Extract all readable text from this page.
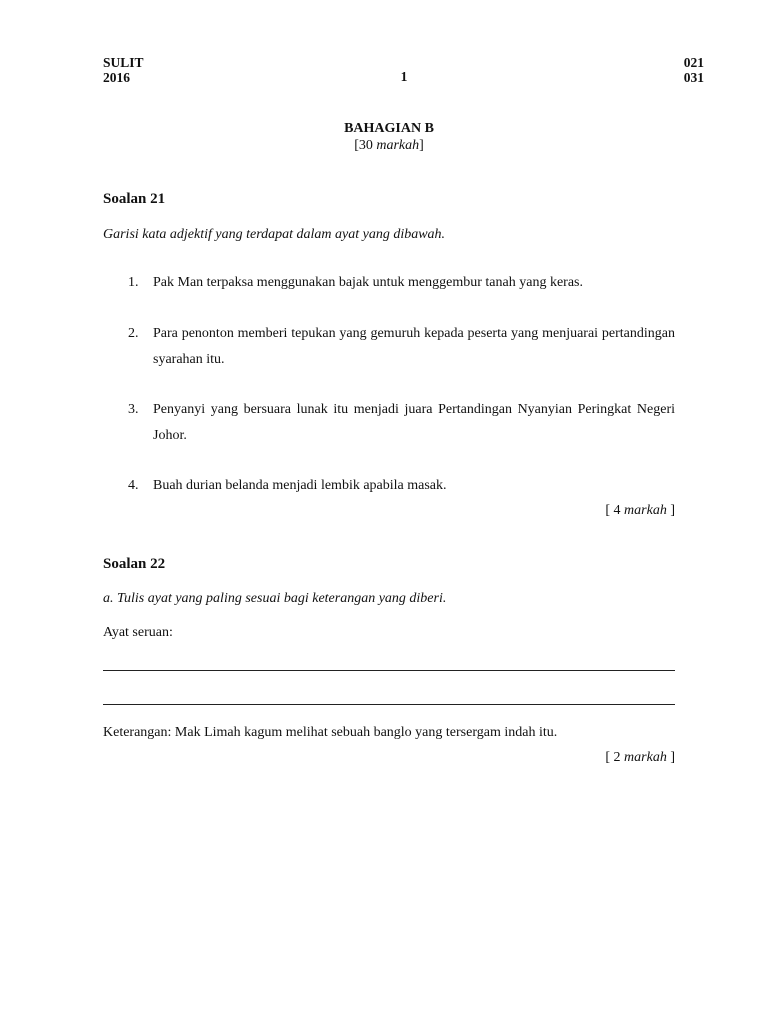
SULIT
2016	1
021
031
BAHAGIAN B
[30 markah]
Soalan 21
Garisi kata adjektif yang terdapat dalam ayat yang dibawah.
1. Pak Man terpaksa menggunakan bajak untuk menggembur tanah yang keras.
2. Para penonton memberi tepukan yang gemuruh kepada peserta yang menjuarai pertandingan syarahan itu.
3. Penyanyi yang bersuara lunak itu menjadi juara Pertandingan Nyanyian Peringkat Negeri Johor.
4. Buah durian belanda menjadi lembik apabila masak.
[ 4 markah ]
Soalan 22
a. Tulis ayat yang paling sesuai bagi keterangan yang diberi.
Ayat seruan:
Keterangan: Mak Limah kagum melihat sebuah banglo yang tersergam indah itu.
[ 2 markah ]
